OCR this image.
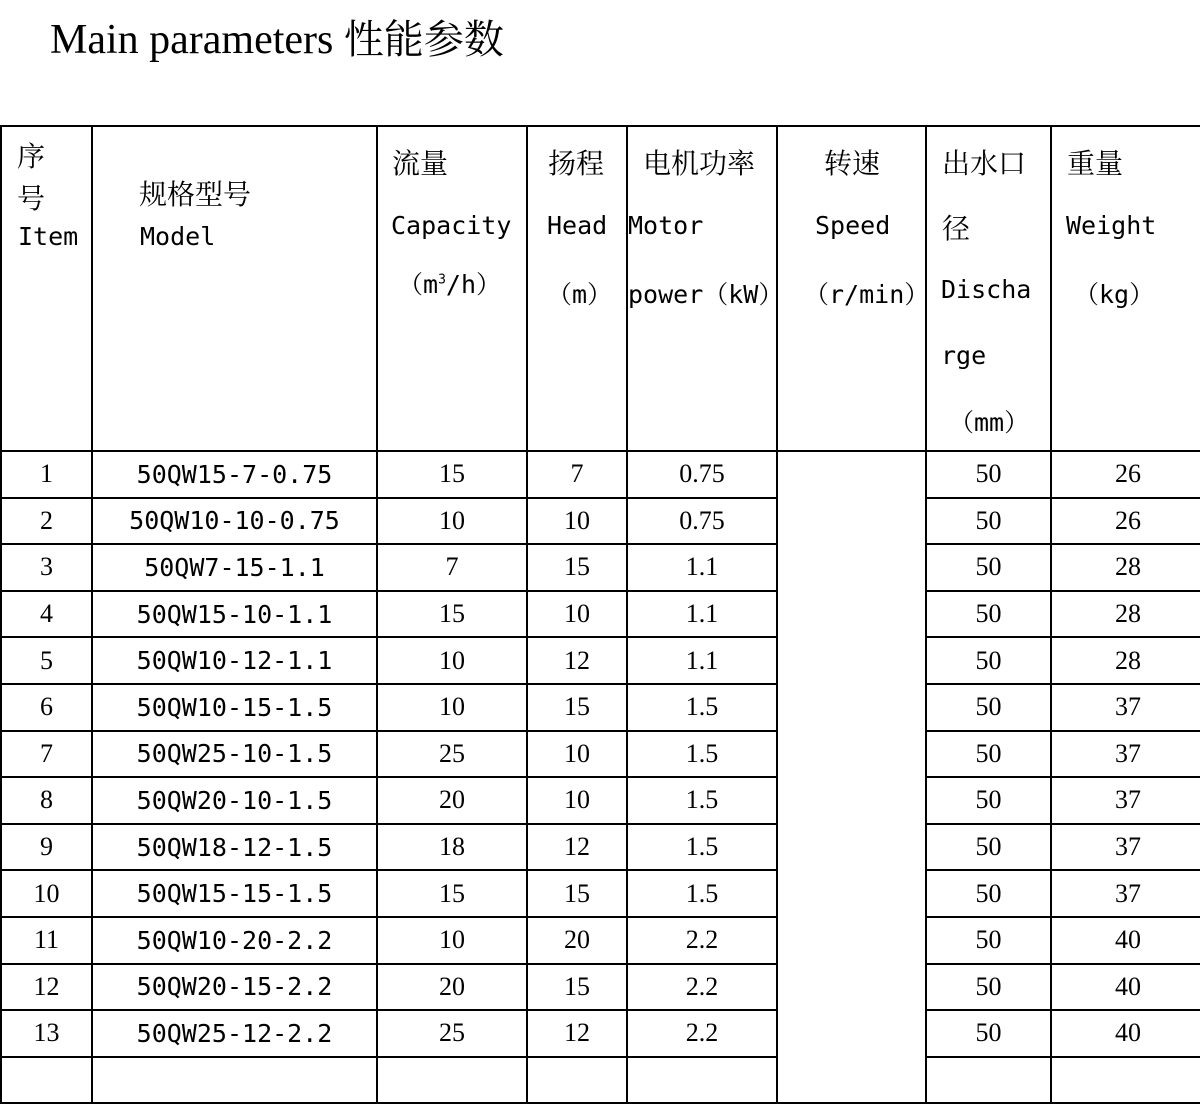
Main parameters 性能参数
序
号
Item	规格型号
Model	流量
Capacity
$(m^3/h)$	扬程
Head
（m）	电机功率
Motor
power（kW）	转速
Speed
（r/min）	出水口
径
Discha
rge
（mm）	重量
Weight
（kg）

1	50QW15-7-0.75	15	7	0.75		50	26
2	50QW10-10-0.75	10	10	0.75		50	26
3	50QW7-15-1.1	7	15	1.1		50	28
4	50QW15-10-1.1	15	10	1.1		50	28
5	50QW10-12-1.1	10	12	1.1		50	28
6	50QW10-15-1.5	10	15	1.5		50	37
7	50QW25-10-1.5	25	10	1.5		50	37
8	50QW20-10-1.5	20	10	1.5		50	37
9	50QW18-12-1.5	18	12	1.5		50	37
10	50QW15-15-1.5	15	15	1.5		50	37
11	50QW10-20-2.2	10	20	2.2		50	40
12	50QW20-15-2.2	20	15	2.2		50	40
13	50QW25-12-2.2	25	12	2.2		50	40
